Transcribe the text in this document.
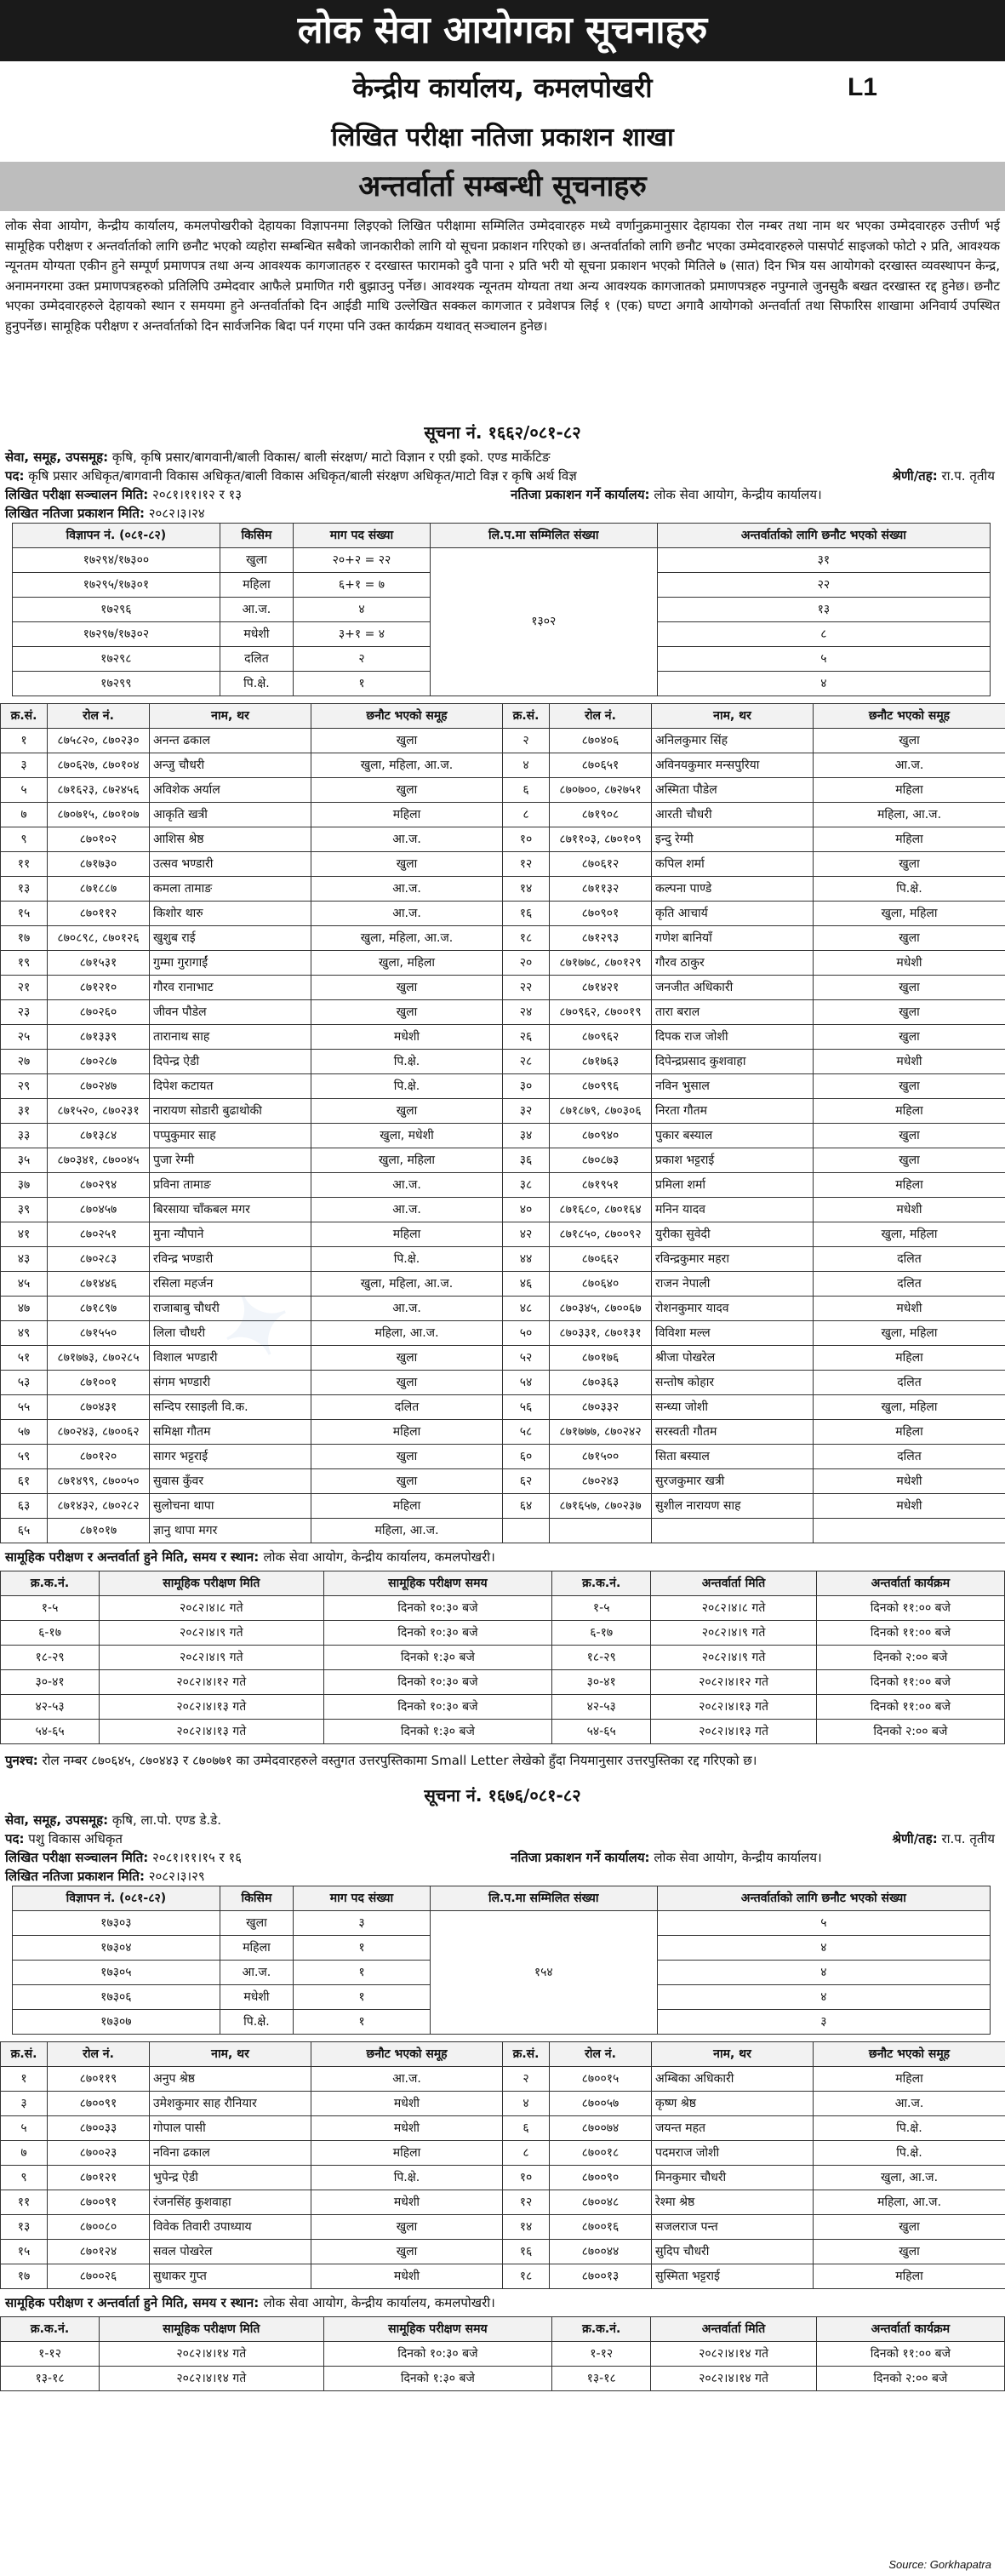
✦
लोक सेवा आयोगका सूचनाहरु
केन्द्रीय कार्यालय, कमलपोखरी	L1
लिखित परीक्षा नतिजा प्रकाशन शाखा
अन्तर्वार्ता सम्बन्धी सूचनाहरु
लोक सेवा आयोग, केन्द्रीय कार्यालय, कमलपोखरीको देहायका विज्ञापनमा लिइएको लिखित परीक्षामा सम्मिलित उम्मेदवारहरु मध्ये वर्णानुक्रमानुसार देहायका रोल नम्बर तथा नाम थर भएका उम्मेदवारहरु उत्तीर्ण भई सामूहिक परीक्षण र अन्तर्वार्ताको लागि छनौट भएको व्यहोरा सम्बन्धित सबैको जानकारीको लागि यो सूचना प्रकाशन गरिएको छ। अन्तर्वार्ताको लागि छनौट भएका उम्मेदवारहरुले पासपोर्ट साइजको फोटो २ प्रति, आवश्यक न्यूनतम योग्यता एकीन हुने सम्पूर्ण प्रमाणपत्र तथा अन्य आवश्यक कागजातहरु र दरखास्त फारामको दुवै पाना २ प्रति भरी यो सूचना प्रकाशन भएको मितिले ७ (सात) दिन भित्र यस आयोगको दरखास्त व्यवस्थापन केन्द्र, अनामनगरमा उक्त प्रमाणपत्रहरुको प्रतिलिपि उम्मेदवार आफैले प्रमाणित गरी बुझाउनु पर्नेछ। आवश्यक न्यूनतम योग्यता तथा अन्य आवश्यक कागजातको प्रमाणपत्रहरु नपुग्नाले जुनसुकै बखत दरखास्त रद्द हुनेछ। छनौट भएका उम्मेदवारहरुले देहायको स्थान र समयमा हुने अन्तर्वार्ताको दिन आईडी माथि उल्लेखित सक्कल कागजात र प्रवेशपत्र लिई १ (एक) घण्टा अगावै आयोगको अन्तर्वार्ता तथा सिफारिस शाखामा अनिवार्य उपस्थित हुनुपर्नेछ। सामूहिक परीक्षण र अन्तर्वार्ताको दिन सार्वजनिक बिदा पर्न गएमा पनि उक्त कार्यक्रम यथावत् सञ्चालन हुनेछ।
सूचना नं. १६६२/०८१-८२
सेवा, समूह, उपसमूह: कृषि, कृषि प्रसार/बागवानी/बाली विकास/ बाली संरक्षण/ माटो विज्ञान र एग्री इको. एण्ड मार्केटिङ
पद: कृषि प्रसार अधिकृत/बागवानी विकास अधिकृत/बाली विकास अधिकृत/बाली संरक्षण अधिकृत/माटो विज्ञ र कृषि अर्थ विज्ञ	श्रेणी/तह: रा.प. तृतीय
लिखित परीक्षा सञ्चालन मिति: २०८१।११।१२ र १३	नतिजा प्रकाशन गर्ने कार्यालय: लोक सेवा आयोग, केन्द्रीय कार्यालय।
लिखित नतिजा प्रकाशन मिति: २०८२।३।२४
विज्ञापन नं. (०८१-८२)	किसिम	माग पद संख्या	लि.प.मा सम्मिलित संख्या	अन्तर्वार्ताको लागि छनौट भएको संख्या
१७२९४/१७३००	खुला	२०+२ = २२	१३०२	३१
१७२९५/१७३०१	महिला	६+१ = ७		२२
१७२९६	आ.ज.	४		१३
१७२९७/१७३०२	मधेशी	३+१ = ४		८
१७२९८	दलित	२		५
१७२९९	पि.क्षे.	१		४
क्र.सं.	रोल नं.	नाम, थर	छनौट भएको समूह	क्र.सं.	रोल नं.	नाम, थर	छनौट भएको समूह
१	८७५८२०, ८७०२३०	अनन्त ढकाल	खुला	२	८७०४०६	अनिलकुमार सिंह	खुला
३	८७०६२७, ८७०१०४	अन्जु चौधरी	खुला, महिला, आ.ज.	४	८७०६५१	अविनयकुमार मन्सपुरिया	आ.ज.
५	८७१६२३, ८७२४५६	अविशेक अर्याल	खुला	६	८७०७००, ८७२७५१	अस्मिता पौडेल	महिला
७	८७०७१५, ८७०१०७	आकृति खत्री	महिला	८	८७१९०८	आरती चौधरी	महिला, आ.ज.
९	८७०१०२	आशिस श्रेष्ठ	आ.ज.	१०	८७११०३, ८७०१०९	इन्दु रेग्मी	महिला
११	८७१७३०	उत्सव भण्डारी	खुला	१२	८७०६१२	कपिल शर्मा	खुला
१३	८७१८८७	कमला तामाङ	आ.ज.	१४	८७११३२	कल्पना पाण्डे	पि.क्षे.
१५	८७०११२	किशोर थारु	आ.ज.	१६	८७०९०१	कृति आचार्य	खुला, महिला
१७	८७०८९८, ८७०१२६	खुशुब राई	खुला, महिला, आ.ज.	१८	८७१२९३	गणेश बानियाँ	खुला
१९	८७१५३१	गुम्मा गुरागाईं	खुला, महिला	२०	८७१७७८, ८७०१२९	गौरव ठाकुर	मधेशी
२१	८७१२१०	गौरव रानाभाट	खुला	२२	८७१४२१	जनजीत अधिकारी	खुला
२३	८७०२६०	जीवन पौडेल	खुला	२४	८७०९६२, ८७००१९	तारा बराल	खुला
२५	८७१३३९	तारानाथ साह	मधेशी	२६	८७०९६२	दिपक राज जोशी	खुला
२७	८७०२८७	दिपेन्द्र ऐडी	पि.क्षे.	२८	८७१७६३	दिपेन्द्रप्रसाद कुशवाहा	मधेशी
२९	८७०२४७	दिपेश कटायत	पि.क्षे.	३०	८७०९९६	नविन भुसाल	खुला
३१	८७१५२०, ८७०२३१	नारायण सोडारी बुढाथोकी	खुला	३२	८७१८७९, ८७०३०६	निरता गौतम	महिला
३३	८७१३८४	पप्पुकुमार साह	खुला, मधेशी	३४	८७०९४०	पुकार बस्याल	खुला
३५	८७०३४१, ८७००४५	पुजा रेग्मी	खुला, महिला	३६	८७०८७३	प्रकाश भट्टराई	खुला
३७	८७०२९४	प्रविना तामाङ	आ.ज.	३८	८७१९५१	प्रमिला शर्मा	महिला
३९	८७०४५७	बिरसाया चाँकबल मगर	आ.ज.	४०	८७१६८०, ८७०१६४	मनिन यादव	मधेशी
४१	८७०२५१	मुना न्यौपाने	महिला	४२	८७१८५०, ८७००९२	युरीका सुवेदी	खुला, महिला
४३	८७०२८३	रविन्द्र भण्डारी	पि.क्षे.	४४	८७०६६२	रविन्द्रकुमार महरा	दलित
४५	८७१४४६	रसिला महर्जन	खुला, महिला, आ.ज.	४६	८७०६४०	राजन नेपाली	दलित
४७	८७१८९७	राजाबाबु चौधरी	आ.ज.	४८	८७०३४५, ८७००६७	रोशनकुमार यादव	मधेशी
४९	८७१५५०	लिला चौधरी	महिला, आ.ज.	५०	८७०३३१, ८७०१३१	विविशा मल्ल	खुला, महिला
५१	८७१७७३, ८७०२८५	विशाल भण्डारी	खुला	५२	८७०१७६	श्रीजा पोखरेल	महिला
५३	८७१००१	संगम भण्डारी	खुला	५४	८७०३६३	सन्तोष कोहार	दलित
५५	८७०४३१	सन्दिप रसाइली वि.क.	दलित	५६	८७०३३२	सन्ध्या जोशी	खुला, महिला
५७	८७०२४३, ८७००६२	समिक्षा गौतम	महिला	५८	८७१७७७, ८७०२४२	सरस्वती गौतम	महिला
५९	८७०१२०	सागर भट्टराई	खुला	६०	८७१५००	सिता बस्याल	दलित
६१	८७१४९९, ८७००५०	सुवास कुँवर	खुला	६२	८७०२४३	सुरजकुमार खत्री	मधेशी
६३	८७१४३२, ८७०२८२	सुलोचना थापा	महिला	६४	८७१६५७, ८७०२३७	सुशील नारायण साह	मधेशी
६५	८७१०१७	ज्ञानु थापा मगर	महिला, आ.ज.				
सामूहिक परीक्षण र अन्तर्वार्ता हुने मिति, समय र स्थान: लोक सेवा आयोग, केन्द्रीय कार्यालय, कमलपोखरी।
क्र.क.नं.	सामूहिक परीक्षण मिति	सामूहिक परीक्षण समय	क्र.क.नं.	अन्तर्वार्ता मिति	अन्तर्वार्ता कार्यक्रम
१-५	२०८२।४।८ गते	दिनको १०:३० बजे	१-५	२०८२।४।८ गते	दिनको ११:०० बजे
६-१७	२०८२।४।९ गते	दिनको १०:३० बजे	६-१७	२०८२।४।९ गते	दिनको ११:०० बजे
१८-२९	२०८२।४।९ गते	दिनको १:३० बजे	१८-२९	२०८२।४।९ गते	दिनको २:०० बजे
३०-४१	२०८२।४।१२ गते	दिनको १०:३० बजे	३०-४१	२०८२।४।१२ गते	दिनको ११:०० बजे
४२-५३	२०८२।४।१३ गते	दिनको १०:३० बजे	४२-५३	२०८२।४।१३ गते	दिनको ११:०० बजे
५४-६५	२०८२।४।१३ गते	दिनको १:३० बजे	५४-६५	२०८२।४।१३ गते	दिनको २:०० बजे
पुनश्च: रोल नम्बर ८७०६४५, ८७०४४३ र ८७०७७१ का उम्मेदवारहरुले वस्तुगत उत्तरपुस्तिकामा Small Letter लेखेको हुँदा नियमानुसार उत्तरपुस्तिका रद्द गरिएको छ।
सूचना नं. १६७६/०८१-८२
सेवा, समूह, उपसमूह: कृषि, ला.पो. एण्ड डे.डे.
पद: पशु विकास अधिकृत	श्रेणी/तह: रा.प. तृतीय
लिखित परीक्षा सञ्चालन मिति: २०८१।११।१५ र १६	नतिजा प्रकाशन गर्ने कार्यालय: लोक सेवा आयोग, केन्द्रीय कार्यालय।
लिखित नतिजा प्रकाशन मिति: २०८२।३।२९
विज्ञापन नं. (०८१-८२)	किसिम	माग पद संख्या	लि.प.मा सम्मिलित संख्या	अन्तर्वार्ताको लागि छनौट भएको संख्या
१७३०३	खुला	३	१५४	५
१७३०४	महिला	१		४
१७३०५	आ.ज.	१		४
१७३०६	मधेशी	१		४
१७३०७	पि.क्षे.	१		३
क्र.सं.	रोल नं.	नाम, थर	छनौट भएको समूह	क्र.सं.	रोल नं.	नाम, थर	छनौट भएको समूह
१	८७०११९	अनुप श्रेष्ठ	आ.ज.	२	८७००१५	अम्बिका अधिकारी	महिला
३	८७००९१	उमेशकुमार साह रौनियार	मधेशी	४	८७००५७	कृष्ण श्रेष्ठ	आ.ज.
५	८७००३३	गोपाल पासी	मधेशी	६	८७००७४	जयन्त महत	पि.क्षे.
७	८७००२३	नविना ढकाल	महिला	८	८७००१८	पदमराज जोशी	पि.क्षे.
९	८७०१२१	भुपेन्द्र ऐडी	पि.क्षे.	१०	८७००९०	मिनकुमार चौधरी	खुला, आ.ज.
११	८७००९१	रंजनसिंह कुशवाहा	मधेशी	१२	८७००४८	रेश्मा श्रेष्ठ	महिला, आ.ज.
१३	८७००८०	विवेक तिवारी उपाध्याय	खुला	१४	८७००१६	सजलराज पन्त	खुला
१५	८७०१२४	सवल पोखरेल	खुला	१६	८७००४४	सुदिप चौधरी	खुला
१७	८७००२६	सुधाकर गुप्त	मधेशी	१८	८७००१३	सुस्मिता भट्टराई	महिला
सामूहिक परीक्षण र अन्तर्वार्ता हुने मिति, समय र स्थान: लोक सेवा आयोग, केन्द्रीय कार्यालय, कमलपोखरी।
क्र.क.नं.	सामूहिक परीक्षण मिति	सामूहिक परीक्षण समय	क्र.क.नं.	अन्तर्वार्ता मिति	अन्तर्वार्ता कार्यक्रम
१-१२	२०८२।४।१४ गते	दिनको १०:३० बजे	१-१२	२०८२।४।१४ गते	दिनको ११:०० बजे
१३-१८	२०८२।४।१४ गते	दिनको १:३० बजे	१३-१८	२०८२।४।१४ गते	दिनको २:०० बजे
Source: Gorkhapatra
